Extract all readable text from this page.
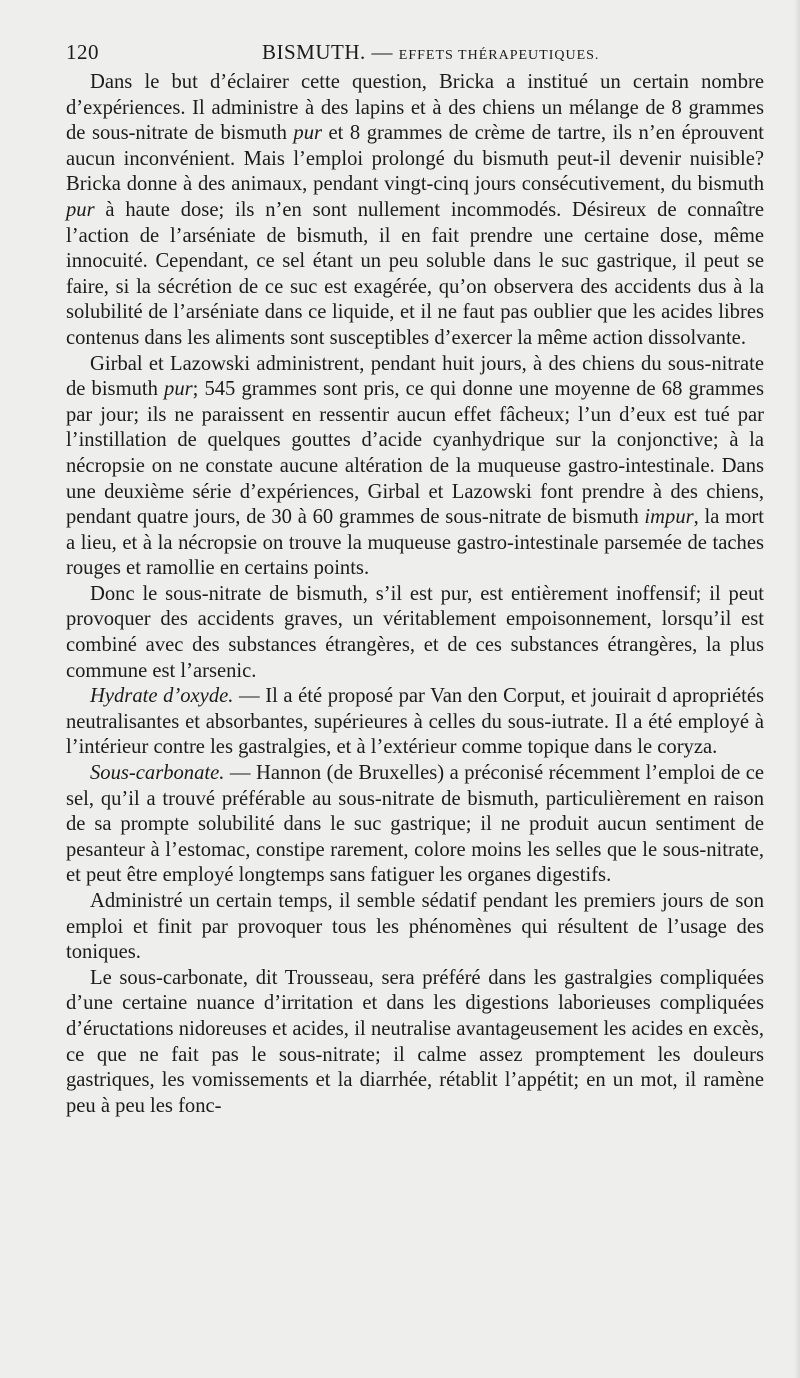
120	BISMUTH. — EFFETS THÉRAPEUTIQUES.

Dans le but d’éclairer cette question, Bricka a institué un certain nombre d’expériences. Il administre à des lapins et à des chiens un mélange de 8 grammes de sous-nitrate de bismuth pur et 8 grammes de crème de tartre, ils n’en éprouvent aucun inconvénient. Mais l’emploi prolongé du bismuth peut-il devenir nuisible? Bricka donne à des animaux, pendant vingt-cinq jours consécutivement, du bismuth pur à haute dose; ils n’en sont nullement incommodés. Désireux de connaître l’action de l’arséniate de bismuth, il en fait prendre une certaine dose, même innocuité. Cependant, ce sel étant un peu soluble dans le suc gastrique, il peut se faire, si la sécrétion de ce suc est exagérée, qu’on observera des accidents dus à la solubilité de l’arséniate dans ce liquide, et il ne faut pas oublier que les acides libres contenus dans les aliments sont susceptibles d’exercer la même action dissolvante.

Girbal et Lazowski administrent, pendant huit jours, à des chiens du sous-nitrate de bismuth pur; 545 grammes sont pris, ce qui donne une moyenne de 68 grammes par jour; ils ne paraissent en ressentir aucun effet fâcheux; l’un d’eux est tué par l’instillation de quelques gouttes d’acide cyanhydrique sur la conjonctive; à la nécropsie on ne constate aucune altération de la muqueuse gastro-intestinale. Dans une deuxième série d’expériences, Girbal et Lazowski font prendre à des chiens, pendant quatre jours, de 30 à 60 grammes de sous-nitrate de bismuth impur, la mort a lieu, et à la nécropsie on trouve la muqueuse gastro-intestinale parsemée de taches rouges et ramollie en certains points.

Donc le sous-nitrate de bismuth, s’il est pur, est entièrement inoffensif; il peut provoquer des accidents graves, un véritablement empoisonnement, lorsqu’il est combiné avec des substances étrangères, et de ces substances étrangères, la plus commune est l’arsenic.

Hydrate d’oxyde. — Il a été proposé par Van den Corput, et jouirait d apropriétés neutralisantes et absorbantes, supérieures à celles du sous-iutrate. Il a été employé à l’intérieur contre les gastralgies, et à l’extérieur comme topique dans le coryza.

Sous-carbonate. — Hannon (de Bruxelles) a préconisé récemment l’emploi de ce sel, qu’il a trouvé préférable au sous-nitrate de bismuth, particulièrement en raison de sa prompte solubilité dans le suc gastrique; il ne produit aucun sentiment de pesanteur à l’estomac, constipe rarement, colore moins les selles que le sous-nitrate, et peut être employé longtemps sans fatiguer les organes digestifs.

Administré un certain temps, il semble sédatif pendant les premiers jours de son emploi et finit par provoquer tous les phénomènes qui résultent de l’usage des toniques.

Le sous-carbonate, dit Trousseau, sera préféré dans les gastralgies compliquées d’une certaine nuance d’irritation et dans les digestions laborieuses compliquées d’éructations nidoreuses et acides, il neutralise avantageusement les acides en excès, ce que ne fait pas le sous-nitrate; il calme assez promptement les douleurs gastriques, les vomissements et la diarrhée, rétablit l’appétit; en un mot, il ramène peu à peu les fonc-
